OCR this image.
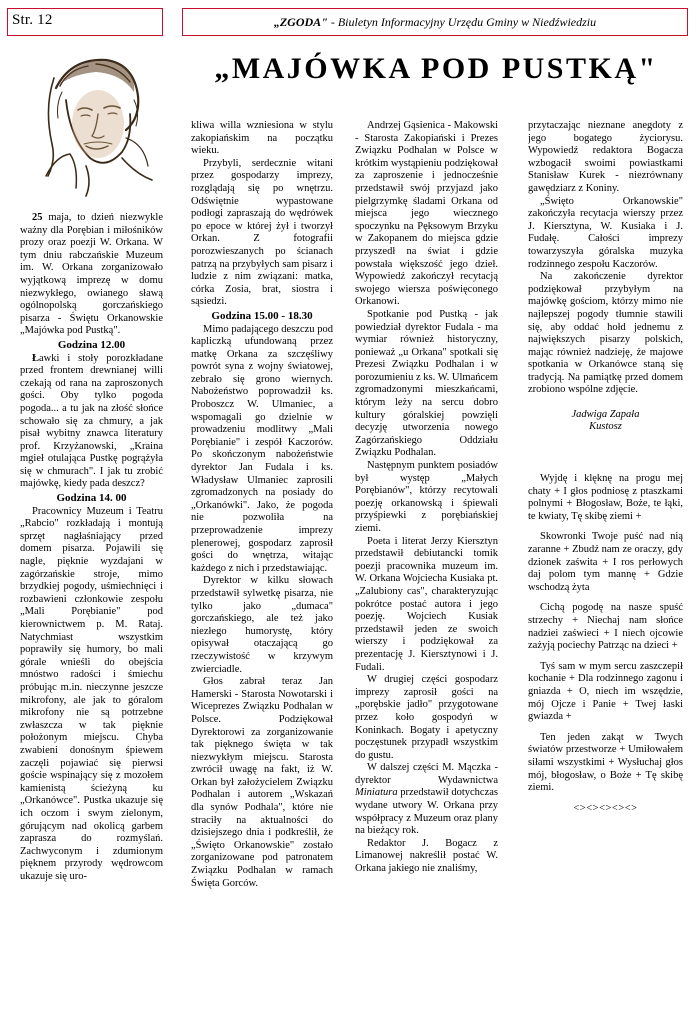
Str. 12	„ZGODA" - Biuletyn Informacyjny Urzędu Gminy w Niedźwiedziu
„MAJÓWKA POD PUSTKĄ"

25 maja, to dzień niezwykle ważny dla Porębian i miłośników prozy oraz poezji W. Orkana. W tym dniu rabczańskie Muzeum im. W. Orkana zorganizowało wyjątkową imprezę w domu niezwykłego, owianego sławą ogólnopolską gorczańskiego pisarza - Świętu Orkanowskie „Majówka pod Pustką".

Godzina 12.00

Ławki i stoły porozkładane przed frontem drewnianej willi czekają od rana na zaproszonych gości. Oby tylko pogoda pogoda... a tu jak na złość słońce schowało się za chmury, a jak pisał wybitny znawca literatury prof. Krzyżanowski, „Kraina mgieł otulająca Pustkę pogrążyła się w chmurach". I jak tu zrobić majówkę, kiedy pada deszcz?

Godzina 14. 00

Pracownicy Muzeum i Teatru „Rabcio" rozkładają i montują sprzęt nagłaśniający przed domem pisarza. Pojawili się nagle, pięknie wyzdajani w zagórzańskie stroje, mimo brzydkiej pogody, uśmiechnięci i rozbawieni członkowie zespołu „Mali Porębianie" pod kierownictwem p. M. Rataj. Natychmiast wszystkim poprawiły się humory, bo mali górale wnieśli do obejścia mnóstwo radości i śmiechu próbując m.in. nieczynne jeszcze mikrofony, ale jak to góralom mikrofony nie są potrzebne zwłaszcza w tak pięknie położonym miejscu. Chyba zwabieni donośnym śpiewem zaczęli pojawiać się pierwsi goście wspinający się z mozołem kamienistą ścieżyną ku „Orkanówce". Pustka ukazuje się ich oczom i swym zielonym, górującym nad okolicą garbem zaprasza do rozmyślań. Zachwyconym i zdumionym pięknem przyrody wędrowcom ukazuje się uro-

kliwa willa wzniesiona w stylu zakopiańskim na początku wieku.

Przybyli, serdecznie witani przez gospodarzy imprezy, rozglądają się po wnętrzu. Odświętnie wypastowane podłogi zapraszają do wędrówek po epoce w której żył i tworzył Orkan. Z fotografii porozwieszanych po ścianach patrzą na przybyłych sam pisarz i ludzie z nim związani: matka, córka Zosia, brat, siostra i sąsiedzi.

Godzina 15.00 - 18.30

Mimo padającego deszczu pod kapliczką ufundowaną przez matkę Orkana za szczęśliwy powrót syna z wojny światowej, zebrało się grono wiernych. Nabożeństwo poprowadził ks. Proboszcz W. Ulmaniec, a wspomagali go dzielnie w prowadzeniu modlitwy „Mali Porębianie" i zespół Kaczorów. Po skończonym nabożeństwie dyrektor Jan Fudala i ks. Władysław Ulmaniec zaprosili zgromadzonych na posiady do „Orkanówki". Jako, że pogoda nie pozwoliła na przeprowadzenie imprezy plenerowej, gospodarz zaprosił gości do wnętrza, witając każdego z nich i przedstawiając.

Dyrektor w kilku słowach przedstawił sylwetkę pisarza, nie tylko jako „dumaca" gorczańskiego, ale też jako niezłego humorystę, który opisywał otaczającą go rzeczywistość w krzywym zwierciadle.

Głos zabrał teraz Jan Hamerski - Starosta Nowotarski i Wiceprezes Związku Podhalan w Polsce. Podziękował Dyrektorowi za zorganizowanie tak pięknego święta w tak niezwykłym miejscu. Starosta zwrócił uwagę na fakt, iż W. Orkan był założycielem Związku Podhalan i autorem „Wskazań dla synów Podhala", które nie straciły na aktualności do dzisiejszego dnia i podkreślił, że „Święto Orkanowskie" zostało zorganizowane pod patronatem Związku Podhalan w ramach Święta Gorców.

Andrzej Gąsienica - Makowski - Starosta Zakopiański i Prezes Związku Podhalan w Polsce w krótkim wystąpieniu podziękował za zaproszenie i jednocześnie przedstawił swój przyjazd jako pielgrzymkę śladami Orkana od miejsca jego wiecznego spoczynku na Pęksowym Brzyku w Zakopanem do miejsca gdzie przyszedł na świat i gdzie powstała większość jego dzieł. Wypowiedź zakończył recytacją swojego wiersza poświęconego Orkanowi.

Spotkanie pod Pustką - jak powiedział dyrektor Fudala - ma wymiar również historyczny, ponieważ „u Orkana" spotkali się Prezesi Związku Podhalan i w porozumieniu z ks. W. Ulmańcem zgromadzonymi mieszkańcami, którym leży na sercu dobro kultury góralskiej powzięli decyzję utworzenia nowego Zagórzańskiego Oddziału Związku Podhalan.

Następnym punktem posiadów był występ „Małych Porębianów", którzy recytowali poezję orkanowską i śpiewali przyśpiewki z porębiańskiej ziemi.

Poeta i literat Jerzy Kiersztyn przedstawił debiutancki tomik poezji pracownika muzeum im. W. Orkana Wojciecha Kusiaka pt. „Zalubiony cas", charakteryzując pokrótce postać autora i jego poezję. Wojciech Kusiak przedstawił jeden ze swoich wierszy i podziękował za prezentację J. Kiersztynowi i J. Fudali.

W drugiej części gospodarz imprezy zaprosił gości na „porębskie jadło" przygotowane przez koło gospodyń w Koninkach. Bogaty i apetyczny poczęstunek przypadł wszystkim do gustu.

W dalszej części M. Mączka - dyrektor Wydawnictwa Miniatura przedstawił dotychczas wydane utwory W. Orkana przy współpracy z Muzeum oraz plany na bieżący rok.

Redaktor J. Bogacz z Limanowej nakreślił postać W. Orkana jakiego nie znaliśmy,

przytaczając nieznane anegdoty z jego bogatego życiorysu. Wypowiedź redaktora Bogacza wzbogacił swoimi powiastkami Stanisław Kurek - niezrównany gawędziarz z Koniny.

„Święto Orkanowskie" zakończyła recytacja wierszy przez J. Kiersztyna, W. Kusiaka i J. Fudałę. Całości imprezy towarzyszyła góralska muzyka rodzinnego zespołu Kaczorów.

Na zakończenie dyrektor podziękował przybyłym na majówkę gościom, którzy mimo nie najlepszej pogody tłumnie stawili się, aby oddać hołd jednemu z największych pisarzy polskich, mając również nadzieję, że majowe spotkania w Orkanówce staną się tradycją. Na pamiątkę przed domem zrobiono wspólne zdjęcie.

Jadwiga Zapała
Kustosz

Wyjdę i klęknę na progu mej chaty + I głos podniosę z ptaszkami polnymi + Błogosław, Boże, te łąki, te kwiaty, Tę skibę ziemi +

Skowronki Twoje puść nad nią zaranne + Zbudź nam ze oraczy, gdy dzionek zaświta + I ros perłowych daj polom tym mannę + Gdzie wschodzą żyta

Cichą pogodę na nasze spuść strzechy + Niechaj nam słońce nadziei zaświeci + I niech ojcowie zażyją pociechy Patrząc na dzieci +

Tyś sam w mym sercu zaszczepił kochanie + Dla rodzinnego zagonu i gniazda + O, niech im wszędzie, mój Ojcze i Panie + Twej łaski gwiazda +

Ten jeden zakąt w Twych światów przestworze + Umiłowałem siłami wszystkimi + Wysłuchaj głos mój, błogosław, o Boże + Tę skibę ziemi.

<><><><><>
